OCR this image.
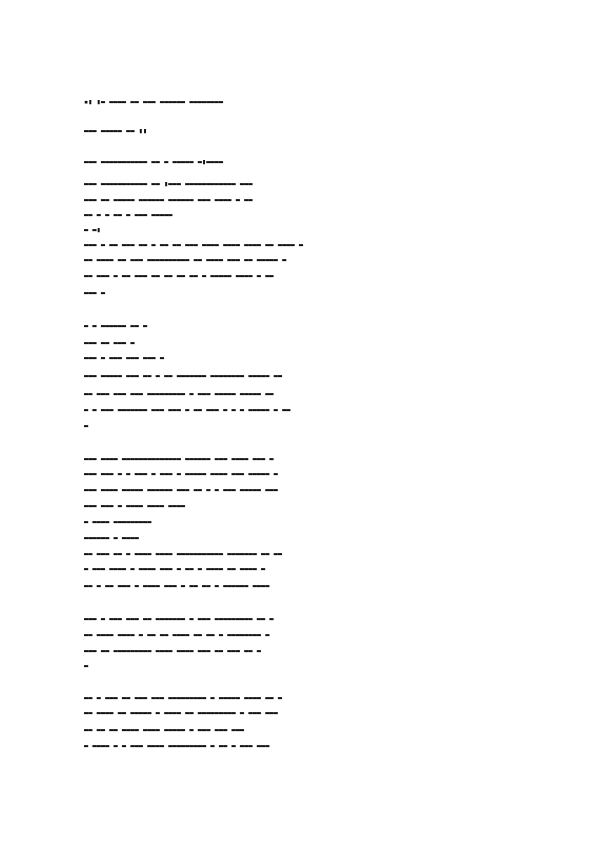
▪▮ ▮▬ ▬▬▬▬ ▬▬ ▬▬▬ ▬▬▬▬▬▬ ▬▬▬▬▬▬▬▬
▬▬▬ ▬▬▬▬▬ ▬▬ ▮▮
▬▬▬ ▬▬▬▬▬▬▬▬▬▬▬ ▬▬ ▬ ▬▬▬▬▬ ▬▮▬▬▬▬
▬▬▬ ▬▬▬▬▬▬▬▬▬▬▬ ▬▬ ▮▬▬▬ ▬▬▬▬▬▬▬▬▬▬▬▬ ▬▬▬
▬▬▬ ▬▬ ▬▬▬▬▬ ▬▬▬▬▬▬ ▬▬▬▬▬▬ ▬▬▬ ▬▬▬▬ ▬ ▬▬
▬▬ ▬ ▬ ▬▬ ▬ ▬▬▬ ▬▬▬▬▬
▬ ▬▮
▬▬▬ ▬ ▬▬ ▬▬▬ ▬▬ ▬ ▬▬ ▬▬ ▬▬▬ ▬▬▬▬ ▬▬▬▬ ▬▬▬▬ ▬▬ ▬▬▬▬ ▬
▬▬ ▬▬▬▬ ▬▬ ▬▬▬ ▬▬▬▬▬▬▬▬▬▬ ▬▬ ▬▬▬▬ ▬▬▬ ▬▬ ▬▬▬▬▬ ▬
▬▬ ▬▬▬ ▬ ▬▬ ▬▬▬ ▬▬ ▬▬ ▬▬ ▬▬ ▬ ▬▬▬▬▬ ▬▬▬▬ ▬ ▬▬
▬▬▬ ▬
▬ ▬ ▬▬▬▬▬▬ ▬▬ ▬
▬▬▬ ▬▬ ▬▬▬ ▬
▬▬▬ ▬ ▬▬▬ ▬▬▬ ▬▬▬ ▬
▬▬▬ ▬▬▬▬▬ ▬▬▬ ▬▬ ▬ ▬▬ ▬▬▬▬▬▬▬ ▬▬▬▬▬▬▬▬ ▬▬▬▬▬ ▬▬
▬▬ ▬▬▬ ▬▬▬ ▬▬▬ ▬▬▬▬▬▬▬▬▬ ▬ ▬▬▬ ▬▬▬▬▬ ▬▬▬▬▬ ▬▬
▬ ▬ ▬▬▬ ▬▬▬▬▬▬▬ ▬▬▬ ▬▬▬ ▬ ▬▬ ▬▬▬ ▬ ▬ ▬ ▬▬▬▬▬ ▬ ▬▬
▬
▬▬▬ ▬▬▬▬ ▬▬▬▬▬▬▬▬▬▬▬▬▬▬ ▬▬▬▬▬▬ ▬▬▬ ▬▬▬▬ ▬▬▬ ▬
▬▬▬ ▬▬▬ ▬ ▬ ▬▬▬ ▬ ▬▬▬ ▬ ▬▬▬▬▬ ▬▬▬▬ ▬▬▬ ▬▬▬▬▬ ▬
▬▬▬ ▬▬▬▬ ▬▬▬▬▬ ▬▬▬▬▬▬ ▬▬▬ ▬▬ ▬ ▬ ▬▬▬ ▬▬▬▬▬ ▬▬▬
▬▬▬ ▬▬▬ ▬ ▬▬▬▬ ▬▬▬▬ ▬▬▬▬
▬ ▬▬▬▬ ▬▬▬▬▬▬▬▬▬
▬▬▬▬▬▬ ▬ ▬▬▬▬
▬▬ ▬▬▬ ▬▬ ▬ ▬▬▬▬ ▬▬▬▬ ▬▬▬▬▬▬▬▬▬▬▬ ▬▬▬▬▬▬▬ ▬▬ ▬▬
▬ ▬▬▬ ▬▬▬▬ ▬ ▬▬▬▬ ▬▬▬ ▬ ▬▬ ▬ ▬▬▬▬ ▬▬ ▬▬▬▬ ▬
▬▬ ▬ ▬▬ ▬▬▬ ▬ ▬▬▬▬ ▬▬▬ ▬ ▬▬ ▬▬ ▬ ▬▬▬▬▬▬ ▬▬▬▬
▬▬▬ ▬ ▬▬▬ ▬▬▬ ▬▬ ▬▬▬▬▬▬▬ ▬ ▬▬▬ ▬▬▬▬▬▬▬▬▬ ▬▬ ▬
▬▬ ▬▬▬▬ ▬▬▬▬ ▬ ▬▬ ▬▬ ▬▬▬▬ ▬▬ ▬▬ ▬ ▬▬▬▬▬▬▬▬ ▬
▬▬▬ ▬▬ ▬▬▬▬▬▬▬▬▬ ▬▬▬▬ ▬▬▬▬ ▬▬▬ ▬▬ ▬▬▬ ▬▬ ▬
▬
▬▬ ▬ ▬▬▬ ▬▬ ▬▬▬ ▬▬▬ ▬▬▬▬▬▬▬▬▬ ▬ ▬▬▬▬▬ ▬▬▬▬ ▬▬ ▬
▬▬ ▬▬▬▬ ▬▬ ▬▬▬▬▬ ▬ ▬▬▬▬ ▬▬ ▬▬▬▬▬▬▬▬▬ ▬ ▬▬▬ ▬▬▬
▬▬ ▬▬ ▬▬ ▬▬▬▬ ▬▬▬▬ ▬▬▬▬▬ ▬ ▬▬▬ ▬▬▬ ▬▬▬
▬ ▬▬▬▬ ▬ ▬ ▬▬▬ ▬▬▬▬ ▬▬▬▬▬▬▬▬▬ ▬ ▬▬ ▬ ▬▬▬ ▬▬▬
